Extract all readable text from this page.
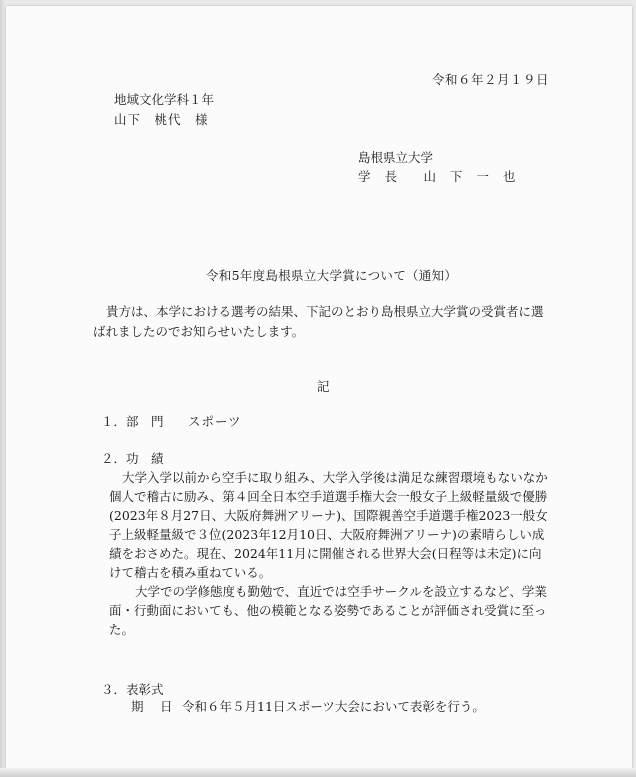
令和６年２月１９日

地域文化学科１年

山下　桃代　様

島根県立大学

学 長　 山 下 一 也

令和5年度島根県立大学賞について（通知）

貴方は、本学における選考の結果、下記のとおり島根県立大学賞の受賞者に選ばれましたのでお知らせいたします。

記

１．部　門 スポーツ

２．功　績

大学入学以前から空手に取り組み、大学入学後は満足な練習環境もないなか個人で稽古に励み、第４回全日本空手道選手権大会一般女子上級軽量級で優勝(2023年８月27日、大阪府舞洲アリーナ)、国際親善空手道選手権2023一般女子上級軽量級で３位(2023年12月10日、大阪府舞洲アリーナ)の素晴らしい成績をおさめた。現在、2024年11月に開催される世界大会(日程等は未定)に向けて稽古を積み重ねている。

大学での学修態度も勤勉で、直近では空手サークルを設立するなど、学業面・行動面においても、他の模範となる姿勢であることが評価され受賞に至った。

３．表彰式

期　日 令和６年５月11日スポーツ大会において表彰を行う。
